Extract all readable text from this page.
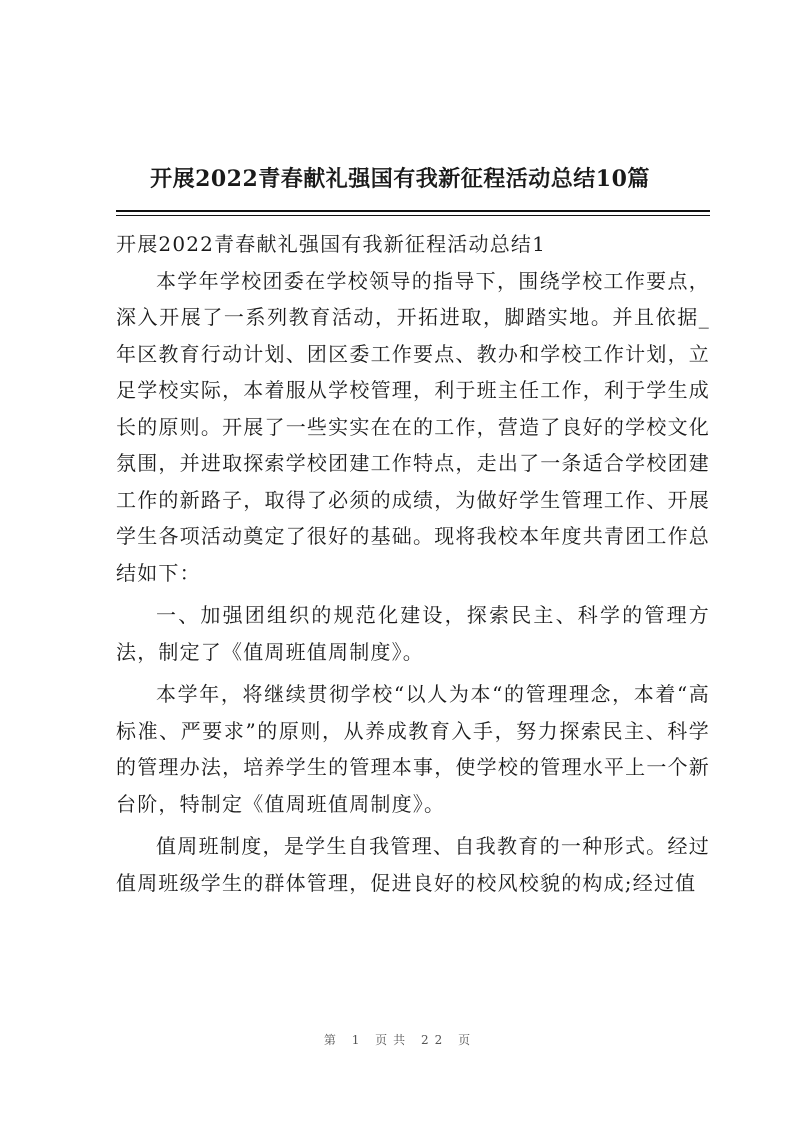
开展2022青春献礼强国有我新征程活动总结10篇

开展2022青春献礼强国有我新征程活动总结1

本学年学校团委在学校领导的指导下，围绕学校工作要点，深入开展了一系列教育活动，开拓进取，脚踏实地。并且依据_年区教育行动计划、团区委工作要点、教办和学校工作计划，立足学校实际，本着服从学校管理，利于班主任工作，利于学生成长的原则。开展了一些实实在在的工作，营造了良好的学校文化氛围，并进取探索学校团建工作特点，走出了一条适合学校团建工作的新路子，取得了必须的成绩，为做好学生管理工作、开展学生各项活动奠定了很好的基础。现将我校本年度共青团工作总结如下：

一、加强团组织的规范化建设，探索民主、科学的管理方法，制定了《值周班值周制度》。

本学年，将继续贯彻学校“以人为本“的管理理念，本着“高标准、严要求”的原则，从养成教育入手，努力探索民主、科学的管理办法，培养学生的管理本事，使学校的管理水平上一个新台阶，特制定《值周班值周制度》。

值周班制度，是学生自我管理、自我教育的一种形式。经过值周班级学生的群体管理，促进良好的校风校貌的构成;经过值

第 1 页共 22 页
